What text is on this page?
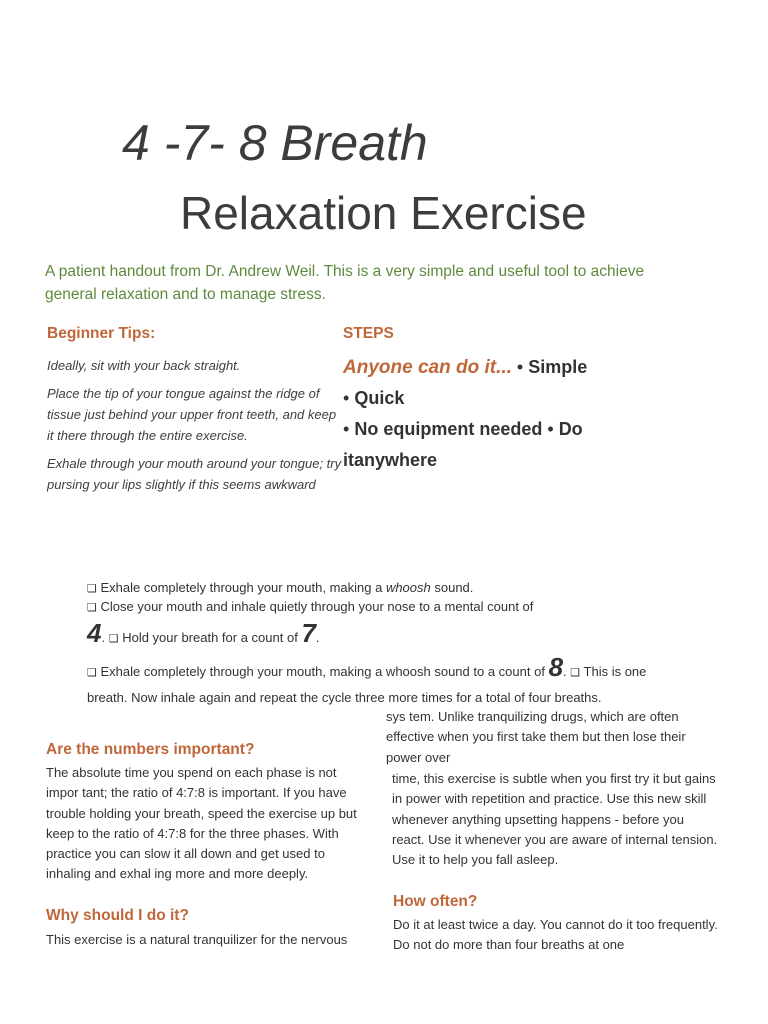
4 -7- 8 Breath
Relaxation Exercise
A patient handout from Dr. Andrew Weil. This is a very simple and useful tool to achieve general relaxation and to manage stress.
Beginner Tips:

Ideally, sit with your back straight.

Place the tip of your tongue against the ridge of tissue just behind your upper front teeth, and keep it there through the entire exercise.

Exhale through your mouth around your tongue; try pursing your lips slightly if this seems awkward

STEPS
Anyone can do it... • Simple
• Quick
• No equipment needed • Do
itanywhere
❑ Exhale completely through your mouth, making a whoosh sound.
❑ Close your mouth and inhale quietly through your nose to a mental count of
4. ❑ Hold your breath for a count of 7.
❑ Exhale completely through your mouth, making a whoosh sound to a count of 8. ❑ This is one
breath. Now inhale again and repeat the cycle three more times for a total of four breaths.
Are the numbers important?
The absolute time you spend on each phase is not impor tant; the ratio of 4:7:8 is important. If you have trouble holding your breath, speed the exercise up but keep to the ratio of 4:7:8 for the three phases. With practice you can slow it all down and get used to inhaling and exhal ing more and more deeply.
Why should I do it?
This exercise is a natural tranquilizer for the nervous
sys tem. Unlike tranquilizing drugs, which are often effective when you first take them but then lose their power over
time, this exercise is subtle when you first try it but gains in power with repetition and practice. Use this new skill whenever anything upsetting happens - before you react. Use it whenever you are aware of internal tension. Use it to help you fall asleep.
How often?
Do it at least twice a day. You cannot do it too frequently. Do not do more than four breaths at one
